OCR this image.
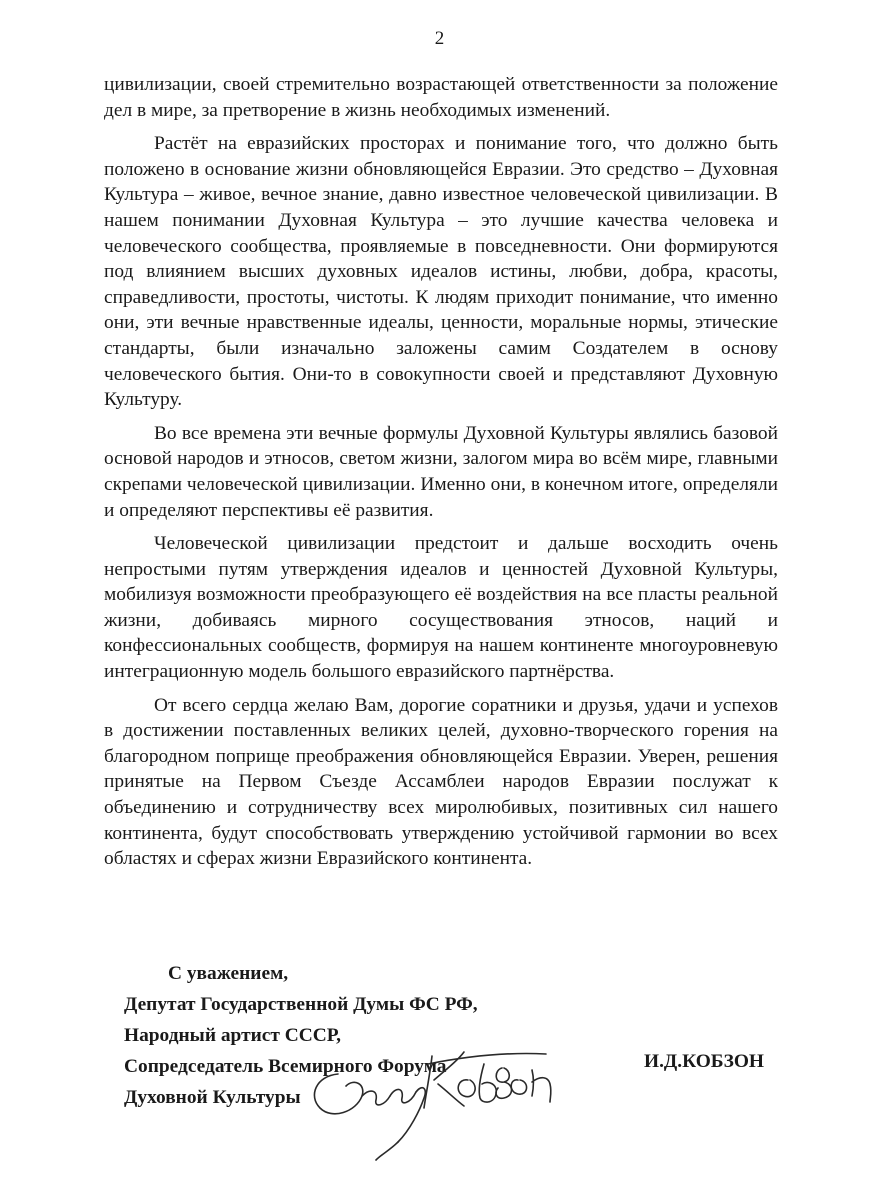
2

цивилизации, своей стремительно возрастающей ответственности за положение дел в мире, за претворение в жизнь необходимых изменений.

Растёт на евразийских просторах и понимание того, что должно быть положено в основание жизни обновляющейся Евразии. Это средство – Духовная Культура – живое, вечное знание, давно известное человеческой цивилизации. В нашем понимании Духовная Культура – это лучшие качества человека и человеческого сообщества, проявляемые в повседневности. Они формируются под влиянием высших духовных идеалов истины, любви, добра, красоты, справедливости, простоты, чистоты. К людям приходит понимание, что именно они, эти вечные нравственные идеалы, ценности, моральные нормы, этические стандарты, были изначально заложены самим Создателем в основу человеческого бытия. Они-то в совокупности своей и представляют Духовную Культуру.

Во все времена эти вечные формулы Духовной Культуры являлись базовой основой народов и этносов, светом жизни, залогом мира во всём мире, главными скрепами человеческой цивилизации. Именно они, в конечном итоге, определяли и определяют перспективы её развития.

Человеческой цивилизации предстоит и дальше восходить очень непростыми путям утверждения идеалов и ценностей Духовной Культуры, мобилизуя возможности преобразующего её воздействия на все пласты реальной жизни, добиваясь мирного сосуществования этносов, наций и конфессиональных сообществ, формируя на нашем континенте многоуровневую интеграционную модель большого евразийского партнёрства.

От всего сердца желаю Вам, дорогие соратники и друзья, удачи и успехов в достижении поставленных великих целей, духовно-творческого горения на благородном поприще преображения обновляющейся Евразии. Уверен, решения принятые на Первом Съезде Ассамблеи народов Евразии послужат к объединению и сотрудничеству всех миролюбивых, позитивных сил нашего континента, будут способствовать утверждению устойчивой гармонии во всех областях и сферах жизни Евразийского континента.

С уважением,
Депутат Государственной Думы ФС РФ,
Народный артист СССР,
Сопредседатель Всемирного Форума
Духовной Культуры
И.Д.КОБЗОН
